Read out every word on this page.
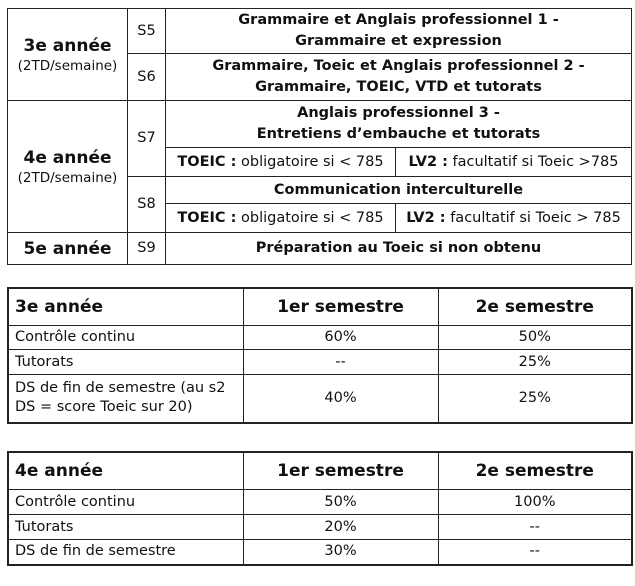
3e année
(2TD/semaine)	S5	Grammaire et Anglais professionnel 1 -
Grammaire et expression	

	S6	Grammaire, Toeic et Anglais professionnel 2 -
Grammaire, TOEIC, VTD et tutorats	

4e année
(2TD/semaine)	S7	Anglais professionnel 3 -
Entretiens d’embauche et tutorats	

		TOEIC : obligatoire si < 785	LV2 : facultatif si Toeic >785
	S8	Communication interculturelle	

		TOEIC : obligatoire si < 785	LV2 : facultatif si Toeic > 785

5e année	S9	Préparation au Toeic si non obtenu	
3e année	1er semestre	2e semestre
Contrôle continu	60%	50%
Tutorats	--	25%

DS de fin de semestre (au s2
DS = score Toeic sur 20)	40%	25%
4e année	1er semestre	2e semestre
Contrôle continu	50%	100%
Tutorats	20%	--
DS de fin de semestre	30%	--
